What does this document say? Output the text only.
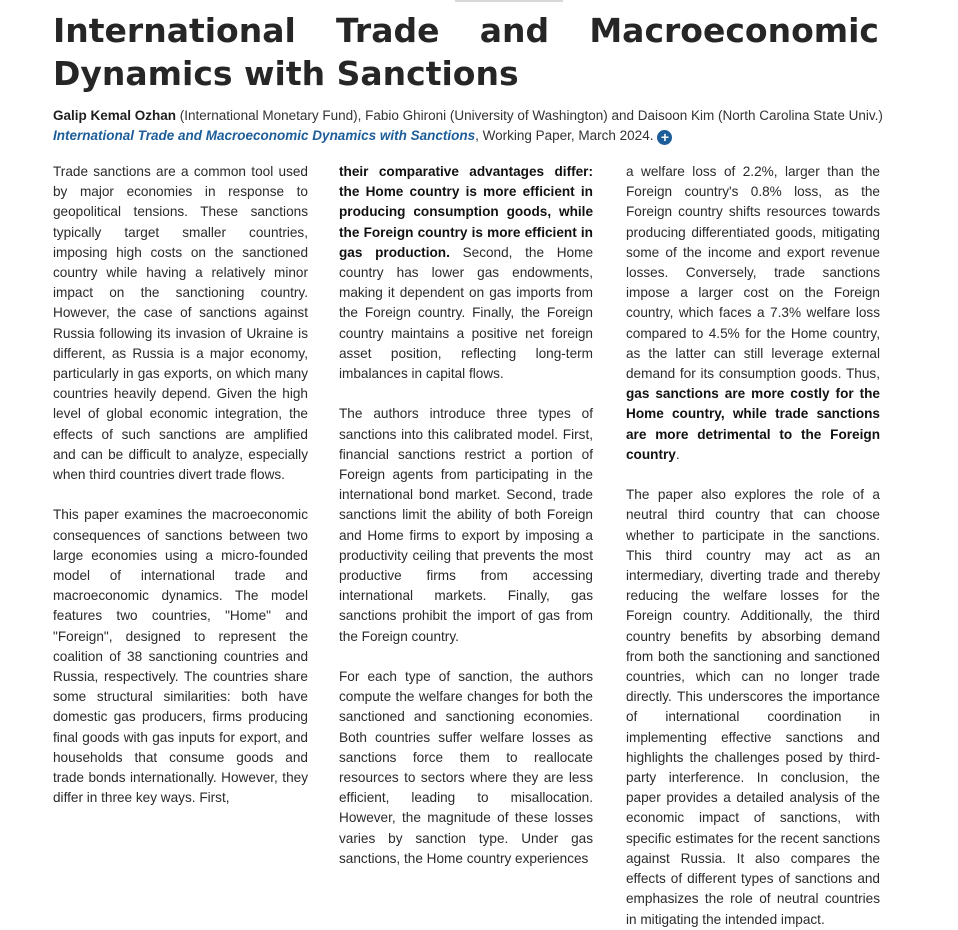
International Trade and Macroeconomic Dynamics with Sanctions
Galip Kemal Ozhan (International Monetary Fund), Fabio Ghironi (University of Washington) and Daisoon Kim (North Carolina State Univ.)
International Trade and Macroeconomic Dynamics with Sanctions, Working Paper, March 2024. +

Trade sanctions are a common tool used by major economies in response to geopolitical tensions. These sanctions typically target smaller countries, imposing high costs on the sanctioned country while having a relatively minor impact on the sanctioning country. However, the case of sanctions against Russia following its invasion of Ukraine is different, as Russia is a major economy, particularly in gas exports, on which many countries heavily depend. Given the high level of global economic integration, the effects of such sanctions are amplified and can be difficult to analyze, especially when third countries divert trade flows.

This paper examines the macroeconomic consequences of sanctions between two large economies using a micro-founded model of international trade and macroeconomic dynamics. The model features two countries, "Home" and "Foreign", designed to represent the coalition of 38 sanctioning countries and Russia, respectively. The countries share some structural similarities: both have domestic gas producers, firms producing final goods with gas inputs for export, and households that consume goods and trade bonds internationally. However, they differ in three key ways. First,

their comparative advantages differ: the Home country is more efficient in producing consumption goods, while the Foreign country is more efficient in gas production. Second, the Home country has lower gas endowments, making it dependent on gas imports from the Foreign country. Finally, the Foreign country maintains a positive net foreign asset position, reflecting long-term imbalances in capital flows.

The authors introduce three types of sanctions into this calibrated model. First, financial sanctions restrict a portion of Foreign agents from participating in the international bond market. Second, trade sanctions limit the ability of both Foreign and Home firms to export by imposing a productivity ceiling that prevents the most productive firms from accessing international markets. Finally, gas sanctions prohibit the import of gas from the Foreign country.

For each type of sanction, the authors compute the welfare changes for both the sanctioned and sanctioning economies. Both countries suffer welfare losses as sanctions force them to reallocate resources to sectors where they are less efficient, leading to misallocation. However, the magnitude of these losses varies by sanction type. Under gas sanctions, the Home country experiences

a welfare loss of 2.2%, larger than the Foreign country's 0.8% loss, as the Foreign country shifts resources towards producing differentiated goods, mitigating some of the income and export revenue losses. Conversely, trade sanctions impose a larger cost on the Foreign country, which faces a 7.3% welfare loss compared to 4.5% for the Home country, as the latter can still leverage external demand for its consumption goods. Thus, gas sanctions are more costly for the Home country, while trade sanctions are more detrimental to the Foreign country.

The paper also explores the role of a neutral third country that can choose whether to participate in the sanctions. This third country may act as an intermediary, diverting trade and thereby reducing the welfare losses for the Foreign country. Additionally, the third country benefits by absorbing demand from both the sanctioning and sanctioned countries, which can no longer trade directly. This underscores the importance of international coordination in implementing effective sanctions and highlights the challenges posed by third-party interference. In conclusion, the paper provides a detailed analysis of the economic impact of sanctions, with specific estimates for the recent sanctions against Russia. It also compares the effects of different types of sanctions and emphasizes the role of neutral countries in mitigating the intended impact.
